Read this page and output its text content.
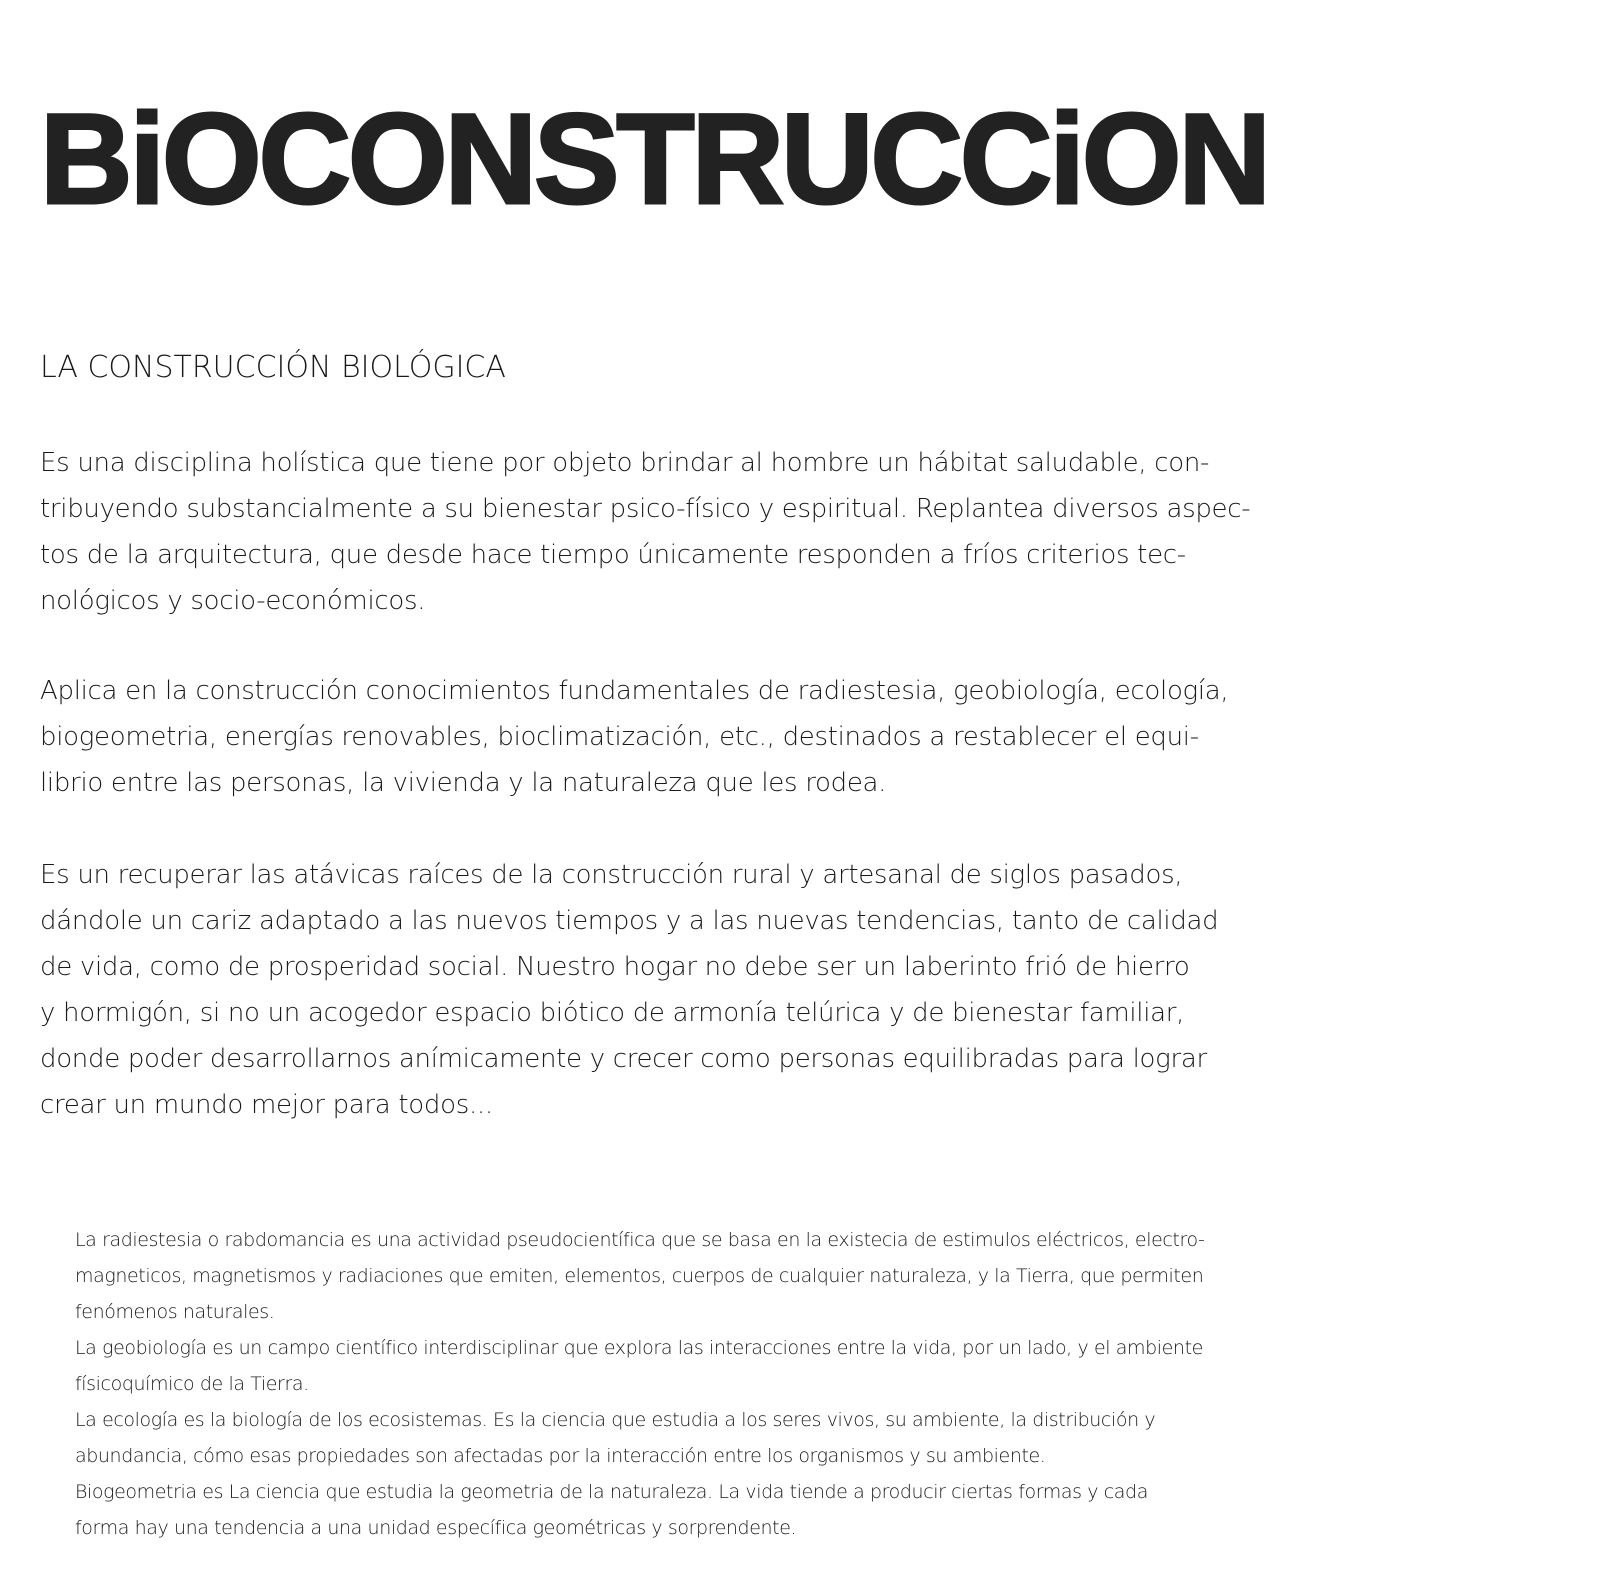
BiOCONSTRUCCiON
LA CONSTRUCCIÓN BIOLÓGICA
Es una disciplina holística que tiene por objeto brindar al hombre un hábitat saludable, con-
tribuyendo substancialmente a su bienestar psico-físico y espiritual. Replantea diversos aspec-
tos de la arquitectura, que desde hace tiempo únicamente responden a fríos criterios tec-
nológicos y socio-económicos.
Aplica en la construcción conocimientos fundamentales de radiestesia, geobiología, ecología,
biogeometria, energías renovables, bioclimatización, etc., destinados a restablecer el equi-
librio entre las personas, la vivienda y la naturaleza que les rodea.
Es un recuperar las atávicas raíces de la construcción rural y artesanal de siglos pasados,
dándole un cariz adaptado a las nuevos tiempos y a las nuevas tendencias, tanto de calidad
de vida, como de prosperidad social. Nuestro hogar no debe ser un laberinto frió de hierro
y hormigón, si no un acogedor espacio biótico de armonía telúrica y de bienestar familiar,
donde poder desarrollarnos anímicamente y crecer como personas equilibradas para lograr
crear un mundo mejor para todos...
La radiestesia o rabdomancia es una actividad pseudocientífica que se basa en la existecia de estimulos eléctricos, electro-
magneticos, magnetismos y radiaciones que emiten, elementos, cuerpos de cualquier naturaleza, y la Tierra, que permiten
fenómenos naturales.
La geobiología es un campo científico interdisciplinar que explora las interacciones entre la vida, por un lado, y el ambiente
físicoquímico de la Tierra.
La ecología es la biología de los ecosistemas. Es la ciencia que estudia a los seres vivos, su ambiente, la distribución y
abundancia, cómo esas propiedades son afectadas por la interacción entre los organismos y su ambiente.
Biogeometria es La ciencia que estudia la geometria de la naturaleza. La vida tiende a producir ciertas formas y cada
forma hay una tendencia a una unidad específica geométricas y sorprendente.
